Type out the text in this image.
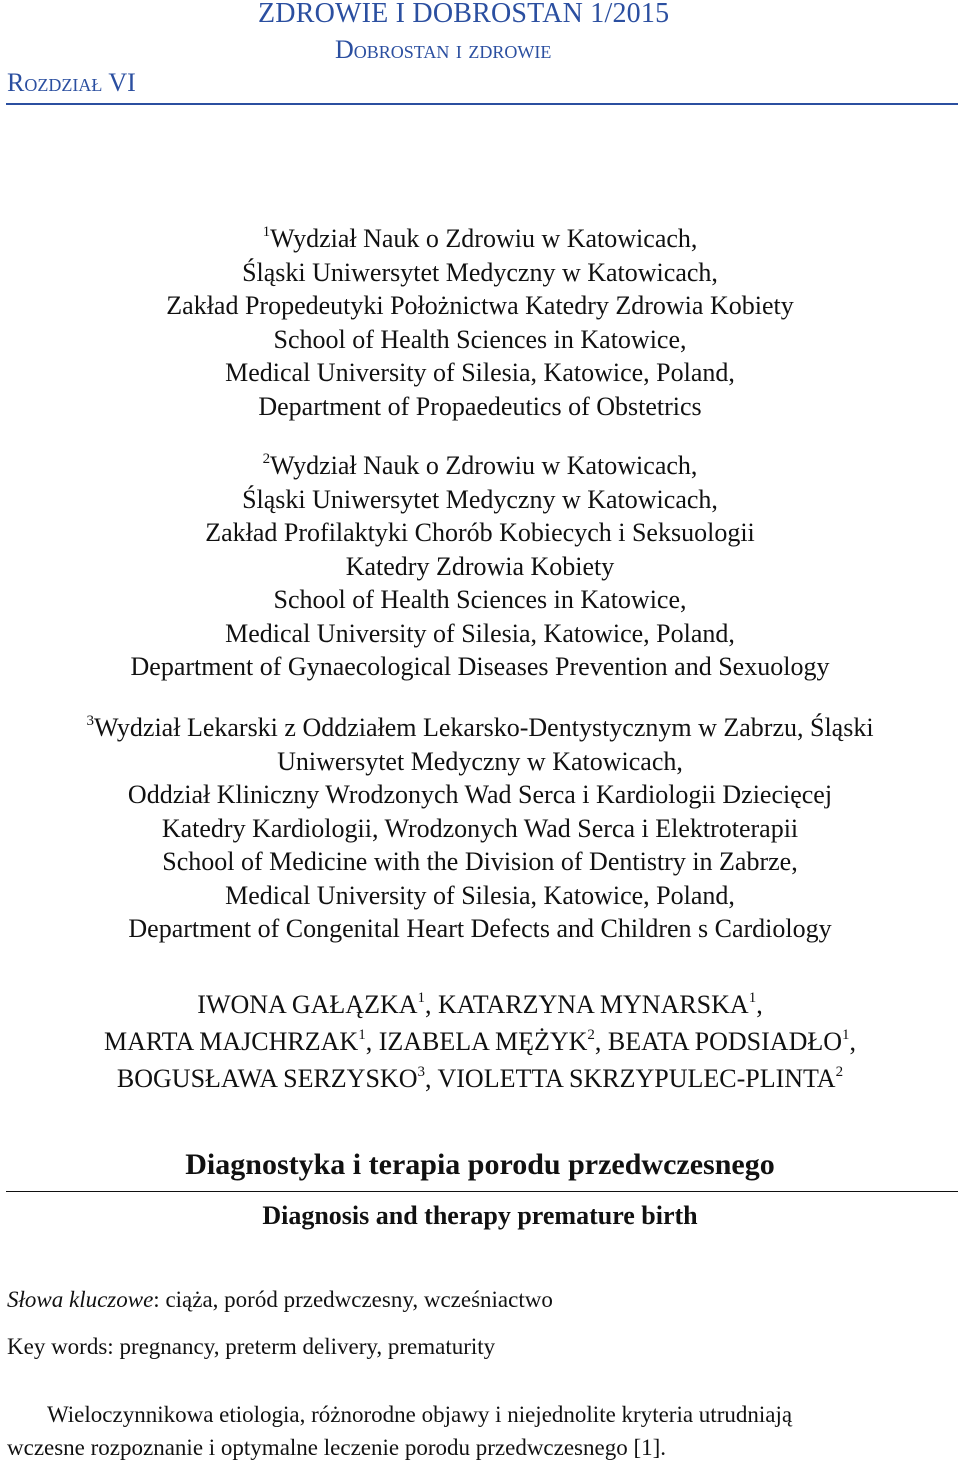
ZDROWIE I DOBROSTAN 1/2015
Dobrostan i zdrowie
Rozdział VI
$^1$Wydział Nauk o Zdrowiu w Katowicach,
Śląski Uniwersytet Medyczny w Katowicach,
Zakład Propedeutyki Położnictwa Katedry Zdrowia Kobiety
School of Health Sciences in Katowice,
Medical University of Silesia, Katowice, Poland,
Department of Propaedeutics of Obstetrics
$^2$Wydział Nauk o Zdrowiu w Katowicach,
Śląski Uniwersytet Medyczny w Katowicach,
Zakład Profilaktyki Chorób Kobiecych i Seksuologii
Katedry Zdrowia Kobiety
School of Health Sciences in Katowice,
Medical University of Silesia, Katowice, Poland,
Department of Gynaecological Diseases Prevention and Sexuology
$^3$Wydział Lekarski z Oddziałem Lekarsko-Dentystycznym w Zabrzu, Śląski
Uniwersytet Medyczny w Katowicach,
Oddział Kliniczny Wrodzonych Wad Serca i Kardiologii Dziecięcej
Katedry Kardiologii, Wrodzonych Wad Serca i Elektroterapii
School of Medicine with the Division of Dentistry in Zabrze,
Medical University of Silesia, Katowice, Poland,
Department of Congenital Heart Defects and Children s Cardiology
IWONA GAŁĄZKA$^1$, KATARZYNA MYNARSKA$^1$,
MARTA MAJCHRZAK$^1$, IZABELA MĘŻYK$^2$, BEATA PODSIADŁO$^1$,
BOGUSŁAWA SERZYSKO$^3$, VIOLETTA SKRZYPULEC-PLINTA$^2$
Diagnostyka i terapia porodu przedwczesnego
Diagnosis and therapy premature birth
Słowa kluczowe: ciąża, poród przedwczesny, wcześniactwo
Key words: pregnancy, preterm delivery, prematurity
Wieloczynnikowa etiologia, różnorodne objawy i niejednolite kryteria utrudniają
wczesne rozpoznanie i optymalne leczenie porodu przedwczesnego [1].
